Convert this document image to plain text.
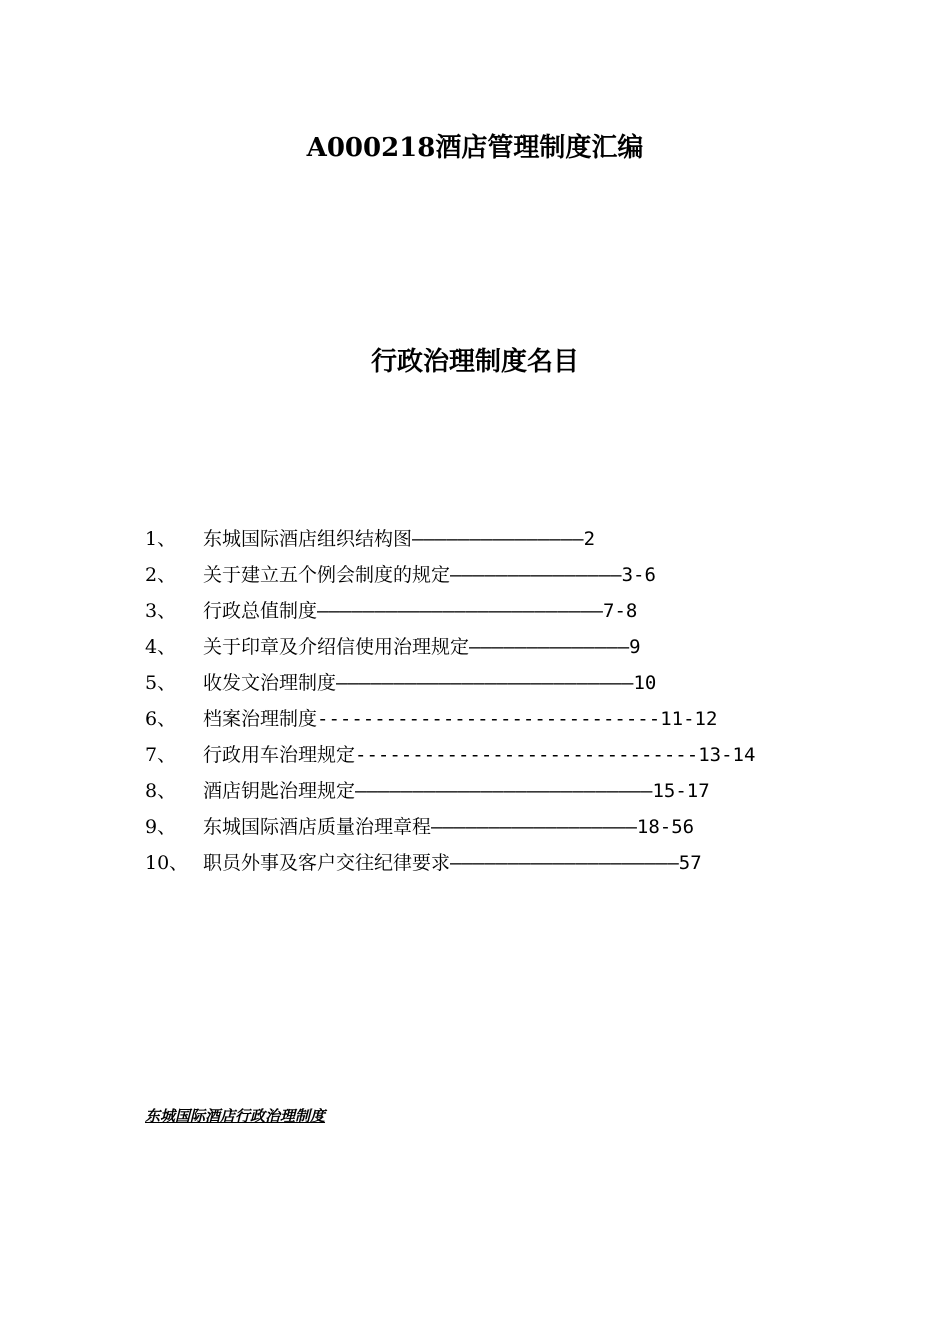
A000218酒店管理制度汇编
行政治理制度名目
1、	东城国际酒店组织结构图 ——————————————— 2
2、	关于建立五个例会制度的规定 ——————————————— 3-6
3、	行政总值制度 ————————————————————————— 7-8
4、	关于印章及介绍信使用治理规定 —————————————— 9
5、	收发文治理制度 —————————————————————————— 10
6、	档案治理制度 ------------------------------ 11-12
7、	行政用车治理规定 ------------------------------ 13-14
8、	酒店钥匙治理规定 —————————————————————————— 15-17
9、	东城国际酒店质量治理章程 —————————————————— 18-56
10、 职员外事及客户交往纪律要求 ———————————————————— 57
东城国际酒店行政治理制度
